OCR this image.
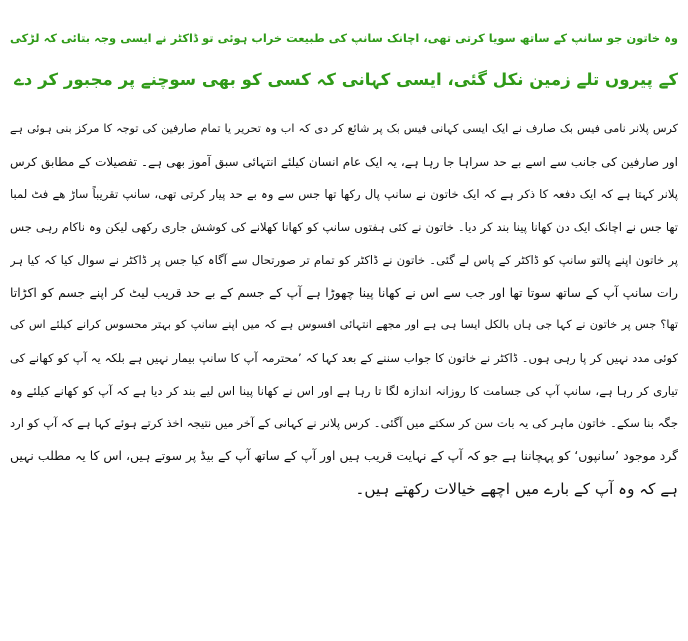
وہ خاتون جو سانپ کے ساتھ سویا کرتی تھی، اچانک سانپ کی طبیعت خراب ہوئی تو ڈاکٹر نے ایسی وجہ بتائی کہ لڑکی
کے پیروں تلے زمین نکل گئی، ایسی کہانی کہ کسی کو بھی سوچنے پر مجبور کر دے

کرس پلانر نامی فیس بک صارف نے ایک ایسی کہانی فیس بک پر شائع کر دی کہ اب وہ تحریر یا تمام صارفین کی توجہ کا مرکز بنی ہوئی ہے
اور صارفین کی جانب سے اسے بے حد سراہا جا رہا ہے، یہ ایک عام انسان کیلئے انتہائی سبق آموز بھی ہے۔ تفصیلات کے مطابق کرس
پلانر کہتا ہے کہ ایک دفعہ کا ذکر ہے کہ ایک خاتون نے سانپ پال رکھا تھا جس سے وہ بے حد پیار کرتی تھی، سانپ تقریباً ساڑ ھے فٹ لمبا
تھا جس نے اچانک ایک دن کھانا پینا بند کر دیا۔ خاتون نے کئی ہفتوں سانپ کو کھانا کھلانے کی کوشش جاری رکھی لیکن وہ ناکام رہی جس
پر خاتون اپنے پالتو سانپ کو ڈاکٹر کے پاس لے گئی۔ خاتون نے ڈاکٹر کو تمام تر صورتحال سے آگاہ کیا جس پر ڈاکٹر نے سوال کیا کہ کیا ہر
رات سانپ آپ کے ساتھ سوتا تھا اور جب سے اس نے کھانا پینا چھوڑا ہے آپ کے جسم کے بے حد قریب لیٹ کر اپنے جسم کو اکڑاتا
تھا؟ جس پر خاتون نے کہا جی ہاں بالکل ایسا ہی ہے اور مجھے انتہائی افسوس ہے کہ میں اپنے سانپ کو بہتر محسوس کرانے کیلئے اس کی
کوئی مدد نہیں کر پا رہی ہوں۔ ڈاکٹر نے خاتون کا جواب سننے کے بعد کہا کہ ’محترمہ آپ کا سانپ بیمار نہیں ہے بلکہ یہ آپ کو کھانے کی
تیاری کر رہا ہے، سانپ آپ کی جسامت کا روزانہ اندازہ لگا تا رہا ہے اور اس نے کھانا پینا اس لیے بند کر دیا ہے کہ آپ کو کھانے کیلئے وہ
جگہ بنا سکے۔ خاتون ماہر کی یہ بات سن کر سکتے میں آگئی۔ کرس پلانر نے کہانی کے آخر میں نتیجہ اخذ کرتے ہوئے کہا ہے کہ آپ کو ارد
گرد موجود ’سانپوں‘ کو پہچاننا ہے جو کہ آپ کے نہایت قریب ہیں اور آپ کے ساتھ آپ کے بیڈ پر سوتے ہیں، اس کا یہ مطلب نہیں
ہے کہ وہ آپ کے بارے میں اچھے خیالات رکھتے ہیں۔
